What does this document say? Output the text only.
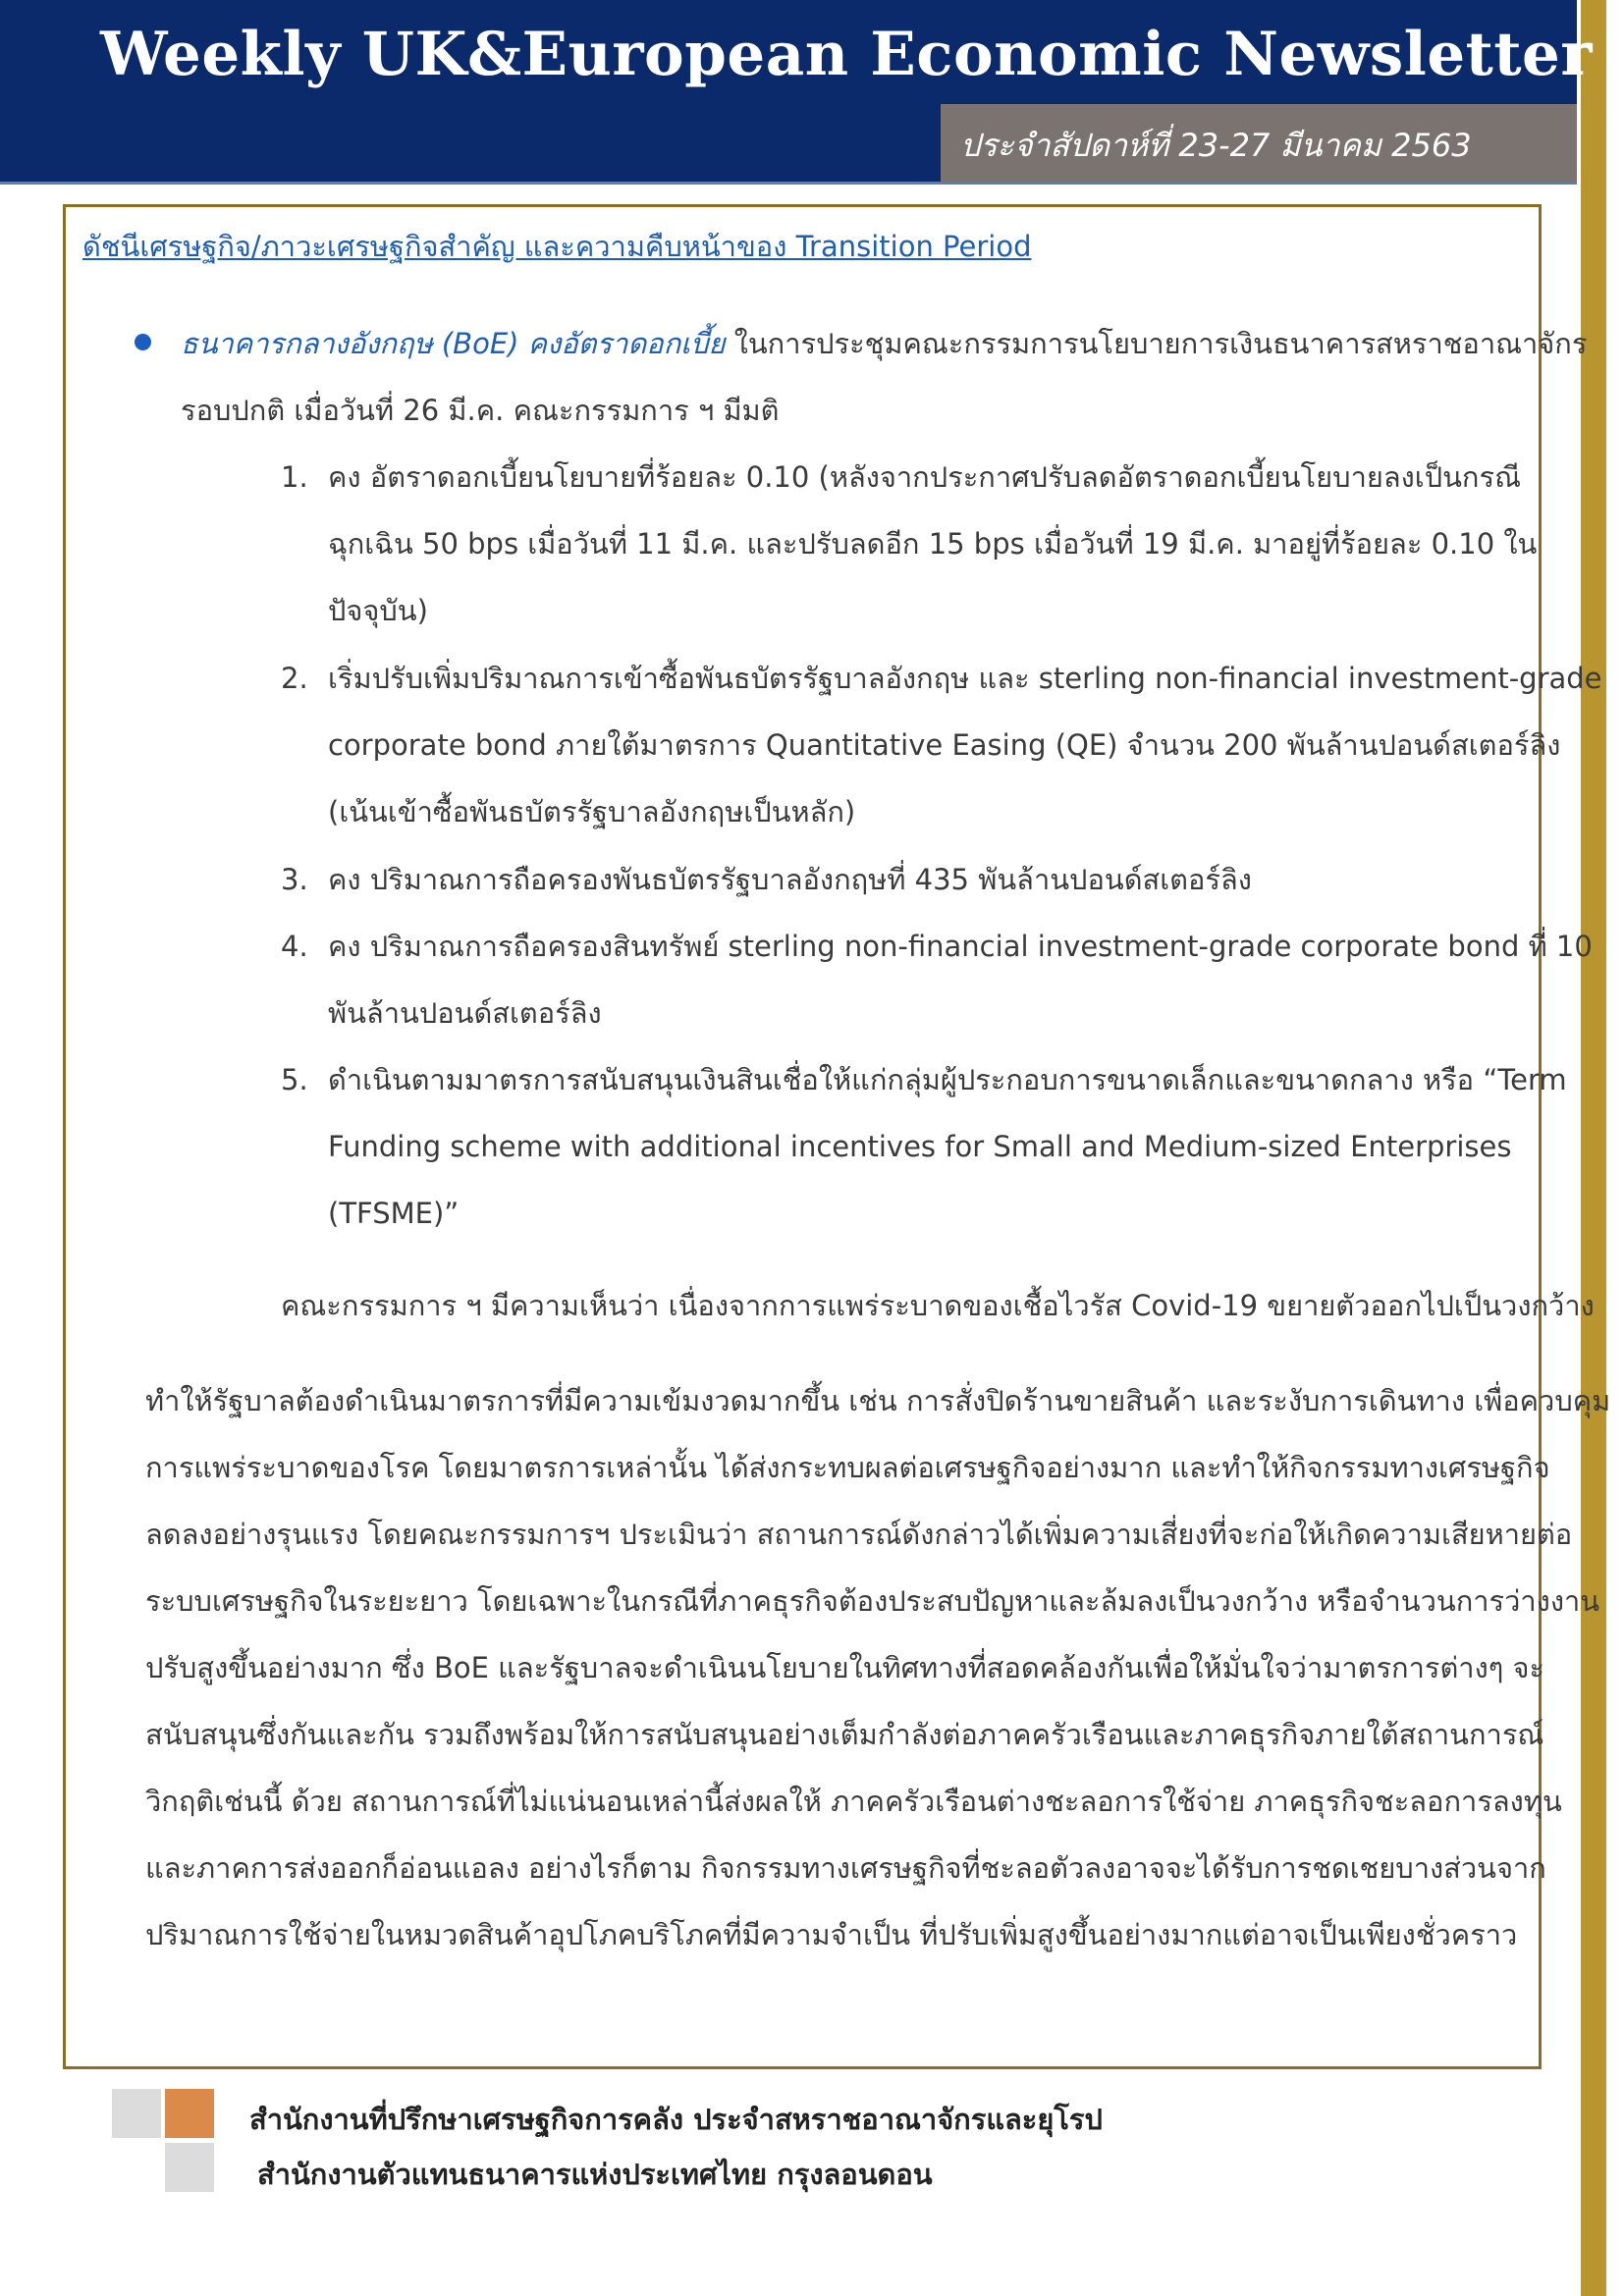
Weekly UK&European Economic Newsletter
ประจำสัปดาห์ที่ 23-27 มีนาคม 2563
ดัชนีเศรษฐกิจ/ภาวะเศรษฐกิจสำคัญ และความคืบหน้าของ Transition Period
ธนาคารกลางอังกฤษ (BoE) คงอัตราดอกเบี้ย ในการประชุมคณะกรรมการนโยบายการเงินธนาคารสหราชอาณาจักร
รอบปกติ เมื่อวันที่ 26 มี.ค. คณะกรรมการ ฯ มีมติ
1. คง อัตราดอกเบี้ยนโยบายที่ร้อยละ 0.10 (หลังจากประกาศปรับลดอัตราดอกเบี้ยนโยบายลงเป็นกรณี
ฉุกเฉิน 50 bps เมื่อวันที่ 11 มี.ค. และปรับลดอีก 15 bps เมื่อวันที่ 19 มี.ค. มาอยู่ที่ร้อยละ 0.10 ใน
ปัจจุบัน)
2. เริ่มปรับเพิ่มปริมาณการเข้าซื้อพันธบัตรรัฐบาลอังกฤษ และ sterling non-financial investment-grade
corporate bond ภายใต้มาตรการ Quantitative Easing (QE) จำนวน 200 พันล้านปอนด์สเตอร์ลิง
(เน้นเข้าซื้อพันธบัตรรัฐบาลอังกฤษเป็นหลัก)
3. คง ปริมาณการถือครองพันธบัตรรัฐบาลอังกฤษที่ 435 พันล้านปอนด์สเตอร์ลิง
4. คง ปริมาณการถือครองสินทรัพย์ sterling non-financial investment-grade corporate bond ที่ 10
พันล้านปอนด์สเตอร์ลิง
5. ดำเนินตามมาตรการสนับสนุนเงินสินเชื่อให้แก่กลุ่มผู้ประกอบการขนาดเล็กและขนาดกลาง หรือ “Term
Funding scheme with additional incentives for Small and Medium-sized Enterprises
(TFSME)”
คณะกรรมการ ฯ มีความเห็นว่า เนื่องจากการแพร่ระบาดของเชื้อไวรัส Covid-19 ขยายตัวออกไปเป็นวงกว้าง
ทำให้รัฐบาลต้องดำเนินมาตรการที่มีความเข้มงวดมากขึ้น เช่น การสั่งปิดร้านขายสินค้า และระงับการเดินทาง เพื่อควบคุม
การแพร่ระบาดของโรค โดยมาตรการเหล่านั้น ได้ส่งกระทบผลต่อเศรษฐกิจอย่างมาก และทำให้กิจกรรมทางเศรษฐกิจ
ลดลงอย่างรุนแรง โดยคณะกรรมการฯ ประเมินว่า สถานการณ์ดังกล่าวได้เพิ่มความเสี่ยงที่จะก่อให้เกิดความเสียหายต่อ
ระบบเศรษฐกิจในระยะยาว โดยเฉพาะในกรณีที่ภาคธุรกิจต้องประสบปัญหาและล้มลงเป็นวงกว้าง หรือจำนวนการว่างงาน
ปรับสูงขึ้นอย่างมาก ซึ่ง BoE และรัฐบาลจะดำเนินนโยบายในทิศทางที่สอดคล้องกันเพื่อให้มั่นใจว่ามาตรการต่างๆ จะ
สนับสนุนซึ่งกันและกัน รวมถึงพร้อมให้การสนับสนุนอย่างเต็มกำลังต่อภาคครัวเรือนและภาคธุรกิจภายใต้สถานการณ์
วิกฤติเช่นนี้ ด้วย สถานการณ์ที่ไม่แน่นอนเหล่านี้ส่งผลให้ ภาคครัวเรือนต่างชะลอการใช้จ่าย ภาคธุรกิจชะลอการลงทุน
และภาคการส่งออกก็อ่อนแอลง อย่างไรก็ตาม กิจกรรมทางเศรษฐกิจที่ชะลอตัวลงอาจจะได้รับการชดเชยบางส่วนจาก
ปริมาณการใช้จ่ายในหมวดสินค้าอุปโภคบริโภคที่มีความจำเป็น ที่ปรับเพิ่มสูงขึ้นอย่างมากแต่อาจเป็นเพียงชั่วคราว
สำนักงานที่ปรึกษาเศรษฐกิจการคลัง ประจำสหราชอาณาจักรและยุโรป
สำนักงานตัวแทนธนาคารแห่งประเทศไทย กรุงลอนดอน
